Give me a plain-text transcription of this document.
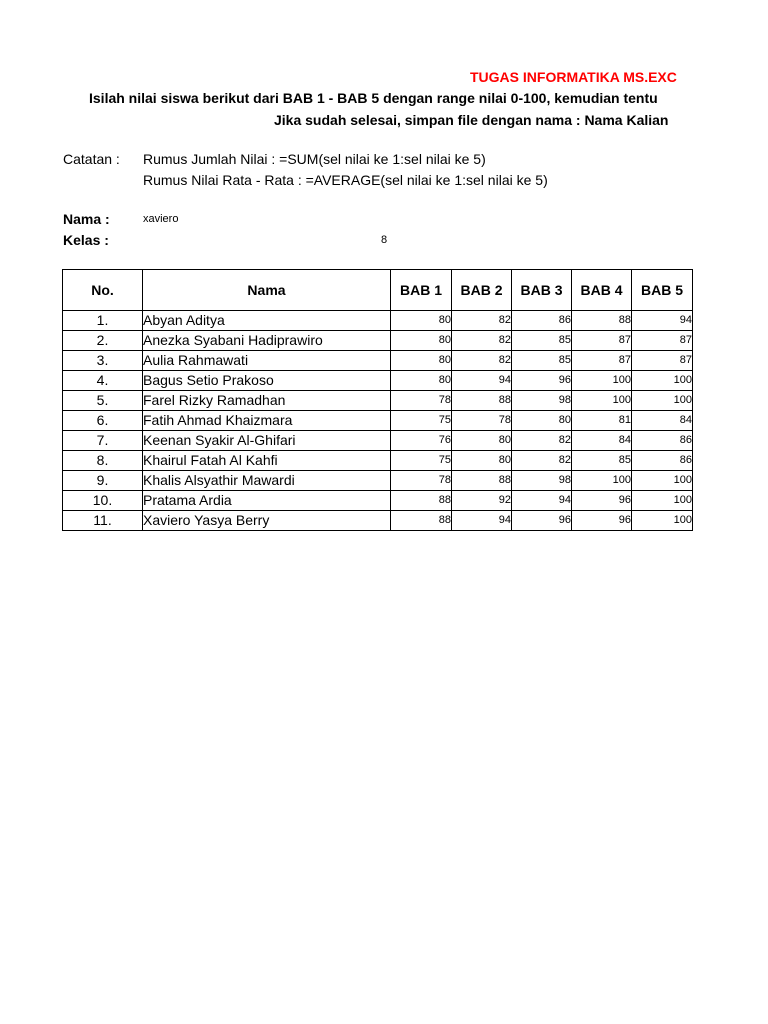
TUGAS INFORMATIKA MS.EXC
Isilah nilai siswa berikut dari BAB 1 - BAB 5 dengan range nilai 0-100, kemudian tentu
Jika sudah selesai, simpan file dengan nama : Nama Kalian
Catatan : Rumus Jumlah Nilai : =SUM(sel nilai ke 1:sel nilai ke 5)
Rumus Nilai Rata - Rata : =AVERAGE(sel nilai ke 1:sel nilai ke 5)
Nama :	xaviero
Kelas :	8
No.	Nama	BAB 1	BAB 2	BAB 3	BAB 4	BAB 5
1.	Abyan Aditya	80	82	86	88	94
2.	Anezka Syabani Hadiprawiro	80	82	85	87	87
3.	Aulia Rahmawati	80	82	85	87	87
4.	Bagus Setio Prakoso	80	94	96	100	100
5.	Farel Rizky Ramadhan	78	88	98	100	100
6.	Fatih Ahmad Khaizmara	75	78	80	81	84
7.	Keenan Syakir Al-Ghifari	76	80	82	84	86
8.	Khairul Fatah Al Kahfi	75	80	82	85	86
9.	Khalis Alsyathir Mawardi	78	88	98	100	100
10.	Pratama Ardia	88	92	94	96	100
11.	Xaviero Yasya Berry	88	94	96	96	100
